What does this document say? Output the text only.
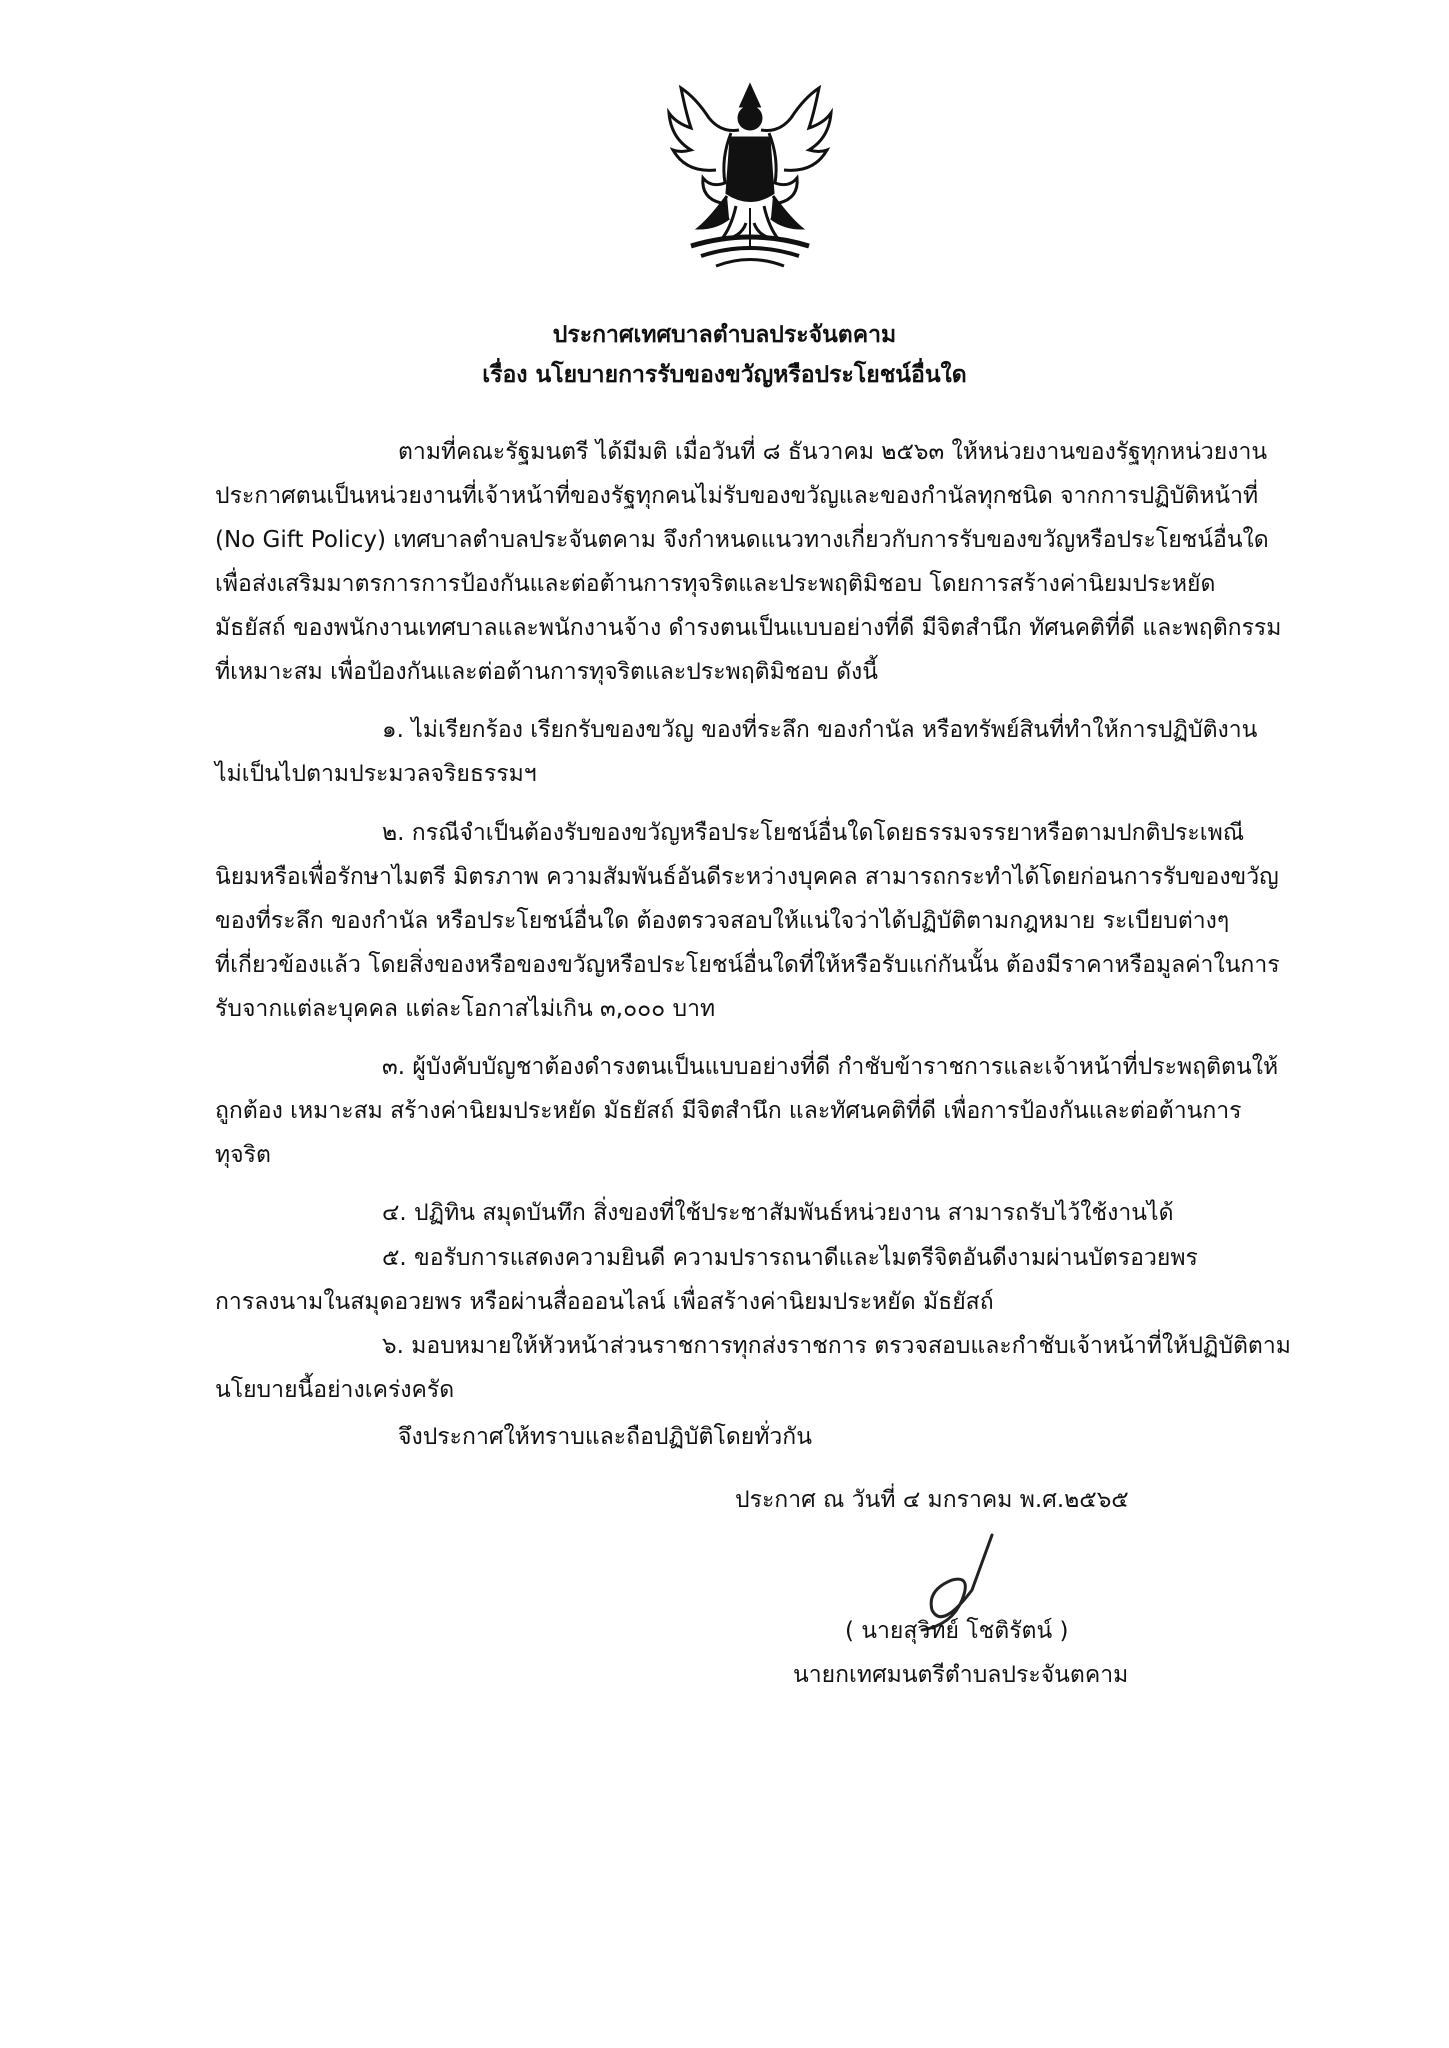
ประกาศเทศบาลตำบลประจันตคาม
เรื่อง นโยบายการรับของขวัญหรือประโยชน์อื่นใด
ตามที่คณะรัฐมนตรี ได้มีมติ เมื่อวันที่ ๘ ธันวาคม ๒๕๖๓ ให้หน่วยงานของรัฐทุกหน่วยงาน
ประกาศตนเป็นหน่วยงานที่เจ้าหน้าที่ของรัฐทุกคนไม่รับของขวัญและของกำนัลทุกชนิด จากการปฏิบัติหน้าที่
(No Gift Policy) เทศบาลตำบลประจันตคาม จึงกำหนดแนวทางเกี่ยวกับการรับของขวัญหรือประโยชน์อื่นใด
เพื่อส่งเสริมมาตรการการป้องกันและต่อต้านการทุจริตและประพฤติมิชอบ โดยการสร้างค่านิยมประหยัด
มัธยัสถ์ ของพนักงานเทศบาลและพนักงานจ้าง ดำรงตนเป็นแบบอย่างที่ดี มีจิตสำนึก ทัศนคติที่ดี และพฤติกรรม
ที่เหมาะสม เพื่อป้องกันและต่อต้านการทุจริตและประพฤติมิชอบ ดังนี้
๑. ไม่เรียกร้อง เรียกรับของขวัญ ของที่ระลึก ของกำนัล หรือทรัพย์สินที่ทำให้การปฏิบัติงาน
ไม่เป็นไปตามประมวลจริยธรรมฯ
๒. กรณีจำเป็นต้องรับของขวัญหรือประโยชน์อื่นใดโดยธรรมจรรยาหรือตามปกติประเพณี
นิยมหรือเพื่อรักษาไมตรี มิตรภาพ ความสัมพันธ์อันดีระหว่างบุคคล สามารถกระทำได้โดยก่อนการรับของขวัญ
ของที่ระลึก ของกำนัล หรือประโยชน์อื่นใด ต้องตรวจสอบให้แน่ใจว่าได้ปฏิบัติตามกฎหมาย ระเบียบต่างๆ
ที่เกี่ยวข้องแล้ว โดยสิ่งของหรือของขวัญหรือประโยชน์อื่นใดที่ให้หรือรับแก่กันนั้น ต้องมีราคาหรือมูลค่าในการ
รับจากแต่ละบุคคล แต่ละโอกาสไม่เกิน ๓,๐๐๐ บาท
๓. ผู้บังคับบัญชาต้องดำรงตนเป็นแบบอย่างที่ดี กำชับข้าราชการและเจ้าหน้าที่ประพฤติตนให้
ถูกต้อง เหมาะสม สร้างค่านิยมประหยัด มัธยัสถ์ มีจิตสำนึก และทัศนคติที่ดี เพื่อการป้องกันและต่อต้านการ
ทุจริต
๔. ปฏิทิน สมุดบันทึก สิ่งของที่ใช้ประชาสัมพันธ์หน่วยงาน สามารถรับไว้ใช้งานได้
๕. ขอรับการแสดงความยินดี ความปรารถนาดีและไมตรีจิตอันดีงามผ่านบัตรอวยพร
การลงนามในสมุดอวยพร หรือผ่านสื่อออนไลน์ เพื่อสร้างค่านิยมประหยัด มัธยัสถ์
๖. มอบหมายให้หัวหน้าส่วนราชการทุกส่งราชการ ตรวจสอบและกำชับเจ้าหน้าที่ให้ปฏิบัติตาม
นโยบายนี้อย่างเคร่งครัด
จึงประกาศให้ทราบและถือปฏิบัติโดยทั่วกัน
ประกาศ ณ วันที่ ๔ มกราคม พ.ศ.๒๕๖๕
( นายสุวิทย์ โชติรัตน์ )
นายกเทศมนตรีตำบลประจันตคาม
